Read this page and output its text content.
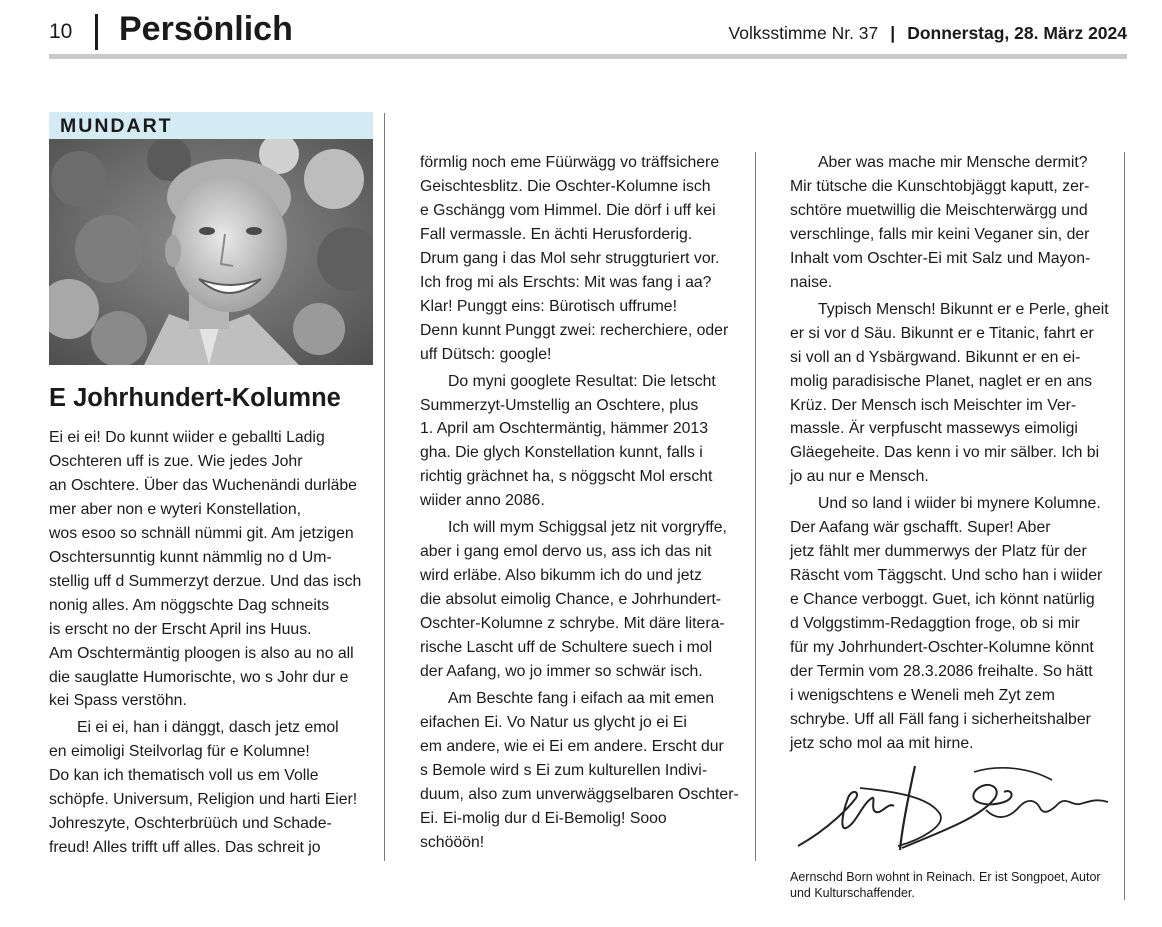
10 Persönlich	Volksstimme Nr. 37 | Donnerstag, 28. März 2024
MUNDART
E Johrhundert-Kolumne

Ei ei ei! Do kunnt wiider e geballti Ladig
Oschteren uff is zue. Wie jedes Johr
an Oschtere. Über das Wuchenändi durläbe
mer aber non e wyteri Konstellation,
wos esoo so schnäll nümmi git. Am jetzigen
Oschtersunntig kunnt nämmlig no d Um-
stellig uff d Summerzyt derzue. Und das isch
nonig alles. Am nöggschte Dag schneits
is erscht no der Erscht April ins Huus.
Am Oschtermäntig ploogen is also au no all
die sauglatte Humorischte, wo s Johr dur e
kei Spass verstöhn.

Ei ei ei, han i dänggt, dasch jetz emol
en eimoligi Steilvorlag für e Kolumne!
Do kan ich thematisch voll us em Volle
schöpfe. Universum, Religion und harti Eier!
Johreszyte, Oschterbrüüch und Schade-
freud! Alles trifft uff alles. Das schreit jo

förmlig noch eme Füürwägg vo träffsichere
Geischtesblitz. Die Oschter-Kolumne isch
e Gschängg vom Himmel. Die dörf i uff kei
Fall vermassle. En ächti Herusforderig.
Drum gang i das Mol sehr struggturiert vor.
Ich frog mi als Erschts: Mit was fang i aa?
Klar! Punggt eins: Bürotisch uffrume!
Denn kunnt Punggt zwei: recherchiere, oder
uff Dütsch: google!

Do myni googlete Resultat: Die letscht
Summerzyt-Umstellig an Oschtere, plus
1. April am Oschtermäntig, hämmer 2013
gha. Die glych Konstellation kunnt, falls i
richtig grächnet ha, s nöggscht Mol erscht
wiider anno 2086.

Ich will mym Schiggsal jetz nit vorgryffe,
aber i gang emol dervo us, ass ich das nit
wird erläbe. Also bikumm ich do und jetz
die absolut eimolig Chance, e Johrhundert-
Oschter-Kolumne z schrybe. Mit däre litera-
rische Lascht uff de Schultere suech i mol
der Aafang, wo jo immer so schwär isch.

Am Beschte fang i eifach aa mit emen
eifachen Ei. Vo Natur us glycht jo ei Ei
em andere, wie ei Ei em andere. Erscht dur
s Bemole wird s Ei zum kulturellen Indivi-
duum, also zum unverwäggselbaren Oschter-
Ei. Ei-molig dur d Ei-Bemolig! Sooo
schööön!

Aber was mache mir Mensche dermit?
Mir tütsche die Kunschtobjäggt kaputt, zer-
schtöre muetwillig die Meischterwärgg und
verschlinge, falls mir keini Veganer sin, der
Inhalt vom Oschter-Ei mit Salz und Mayon-
naise.

Typisch Mensch! Bikunnt er e Perle, gheit
er si vor d Säu. Bikunnt er e Titanic, fahrt er
si voll an d Ysbärgwand. Bikunnt er en ei-
molig paradisische Planet, naglet er en ans
Krüz. Der Mensch isch Meischter im Ver-
massle. Är verpfuscht massewys eimoligi
Gläegeheite. Das kenn i vo mir sälber. Ich bi
jo au nur e Mensch.

Und so land i wiider bi mynere Kolumne.
Der Aafang wär gschafft. Super! Aber
jetz fählt mer dummerwys der Platz für der
Räscht vom Täggscht. Und scho han i wiider
e Chance verboggt. Guet, ich könnt natürlig
d Volggstimm-Redaggtion froge, ob si mir
für my Johrhundert-Oschter-Kolumne könnt
der Termin vom 28.3.2086 freihalte. So hätt
i wenigschtens e Weneli meh Zyt zem
schrybe. Uff all Fäll fang i sicherheitshalber
jetz scho mol aa mit hirne.

Aernschd Born wohnt in Reinach. Er ist Songpoet, Autor
und Kulturschaffender.
